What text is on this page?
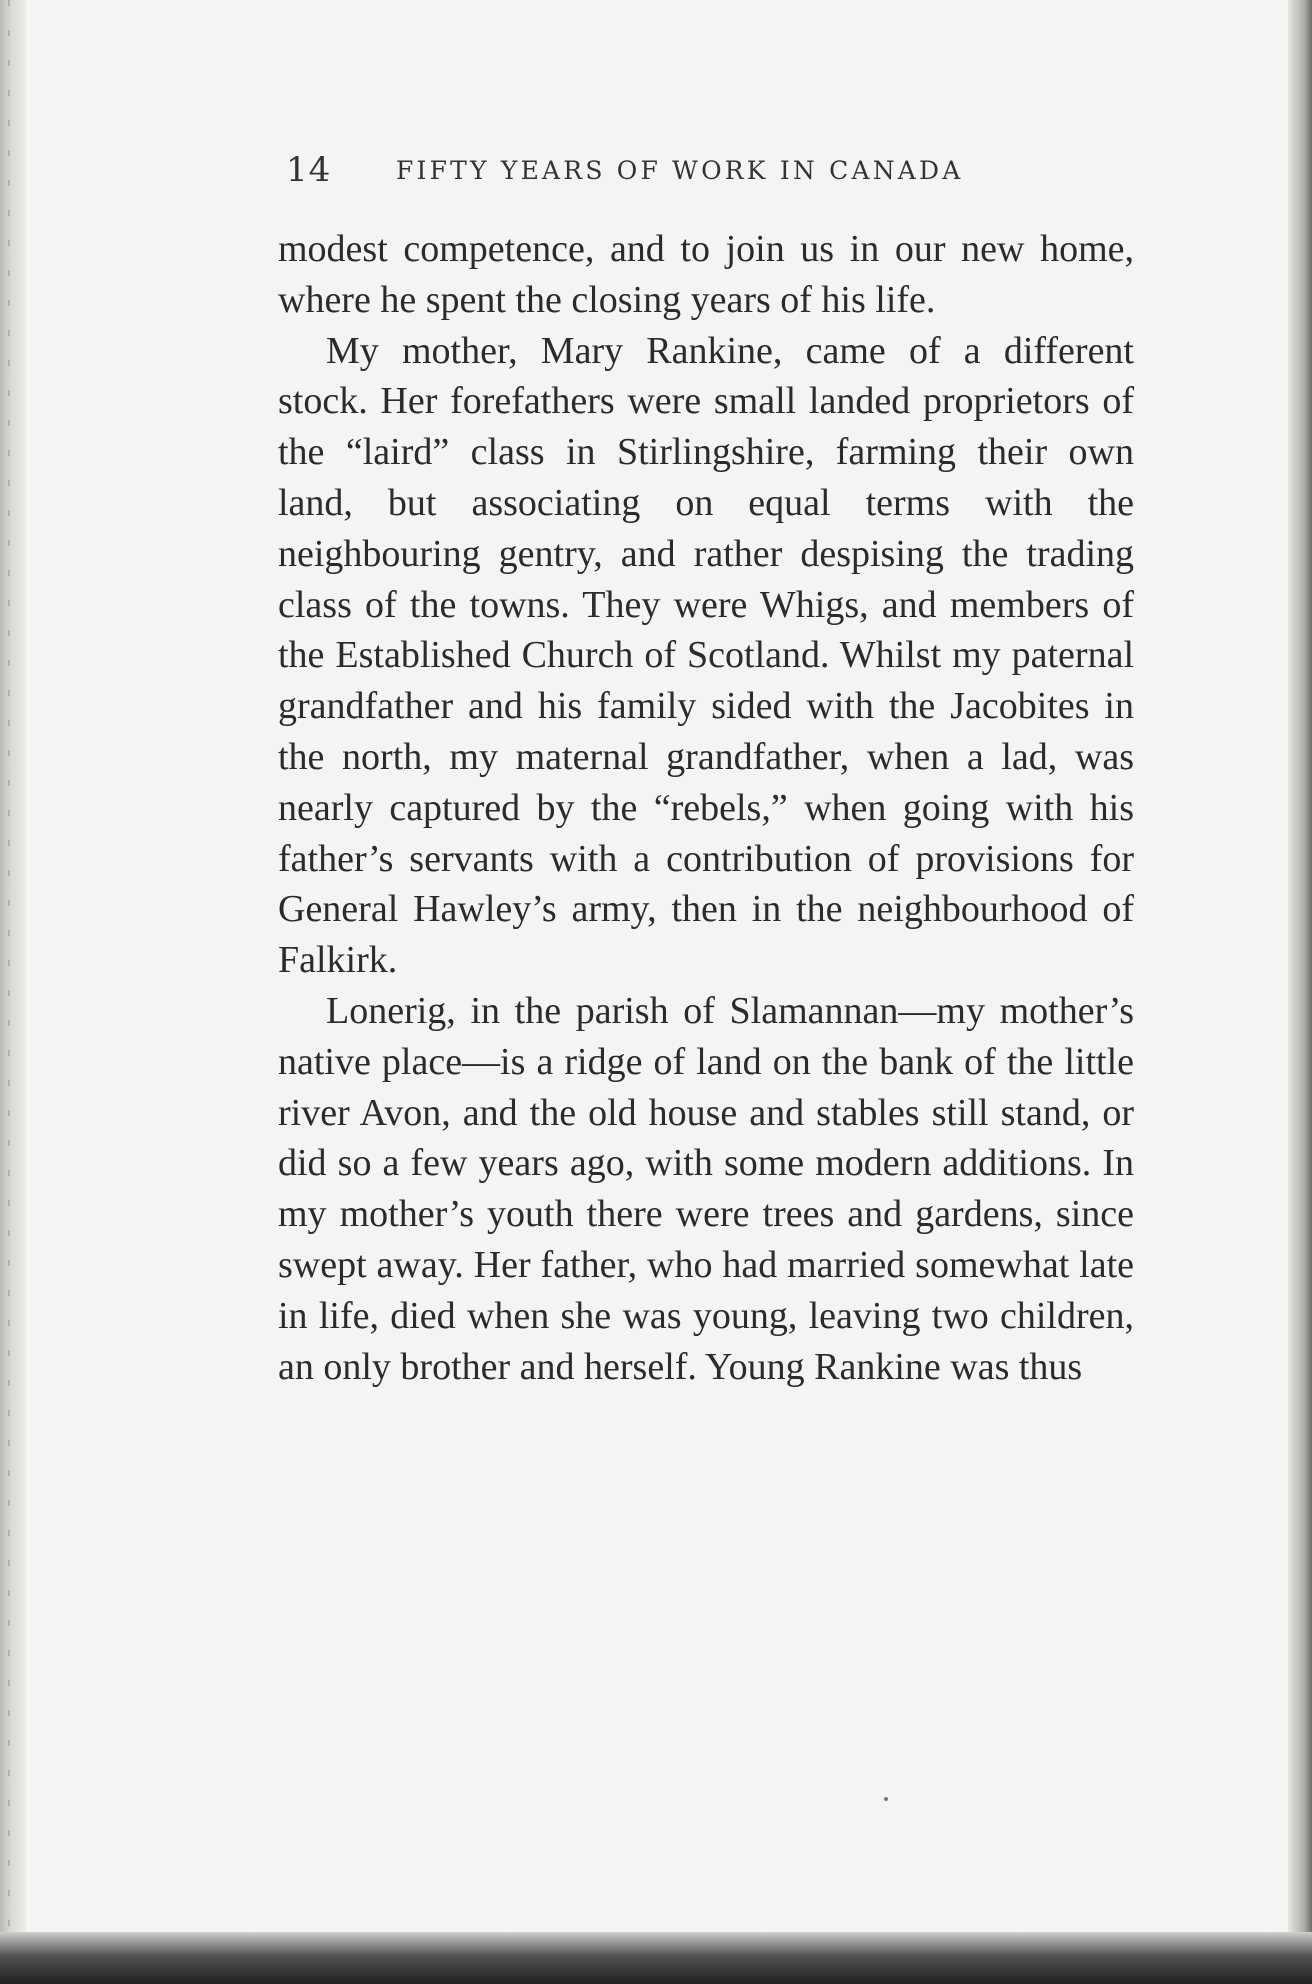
14	FIFTY YEARS OF WORK IN CANADA

modest competence, and to join us in our new home, where he spent the closing years of his life.

My mother, Mary Rankine, came of a different stock. Her forefathers were small landed proprietors of the “laird” class in Stirlingshire, farming their own land, but associating on equal terms with the neighbouring gentry, and rather despising the trading class of the towns. They were Whigs, and members of the Established Church of Scotland. Whilst my paternal grandfather and his family sided with the Jacobites in the north, my maternal grandfather, when a lad, was nearly captured by the “rebels,” when going with his father’s servants with a contribution of provisions for General Hawley’s army, then in the neighbourhood of Falkirk.

Lonerig, in the parish of Slamannan—my mother’s native place—is a ridge of land on the bank of the little river Avon, and the old house and stables still stand, or did so a few years ago, with some modern additions. In my mother’s youth there were trees and gardens, since swept away. Her father, who had married somewhat late in life, died when she was young, leaving two children, an only brother and herself. Young Rankine was thus
